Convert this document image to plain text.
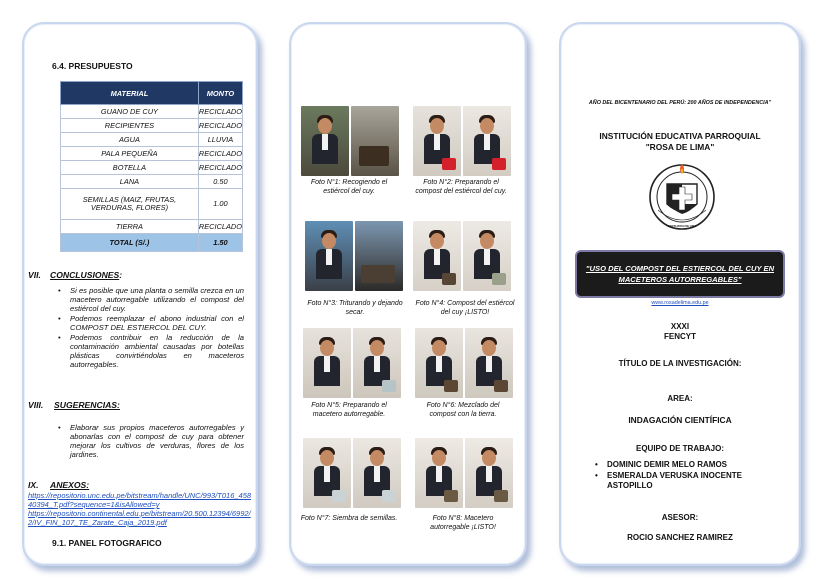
6.4. PRESUPUESTO
MATERIAL	MONTO
GUANO DE CUY	RECICLADO
RECIPIENTES	RECICLADO
AGUA	LLUVIA
PALA PEQUEÑA	RECICLADO
BOTELLA	RECICLADO
LANA	0.50
SEMILLAS (MAIZ, FRUTAS, VERDURAS, FLORES)	1.00
TIERRA	RECICLADO
TOTAL (S/.)	1.50
VII. CONCLUSIONES:
• Si es posible que una planta o semilla crezca en un macetero autorregable utilizando el compost del estiércol del cuy.
• Podemos reemplazar el abono industrial con el COMPOST DEL ESTIERCOL DEL CUY.
• Podemos contribuir en la reducción de la contaminación ambiental causadas por botellas plásticas convirtiéndolas en maceteros autorregables.
VIII. SUGERENCIAS:
• Elaborar sus propios maceteros autorregables y abonarlas con el compost de cuy para obtener mejorar los cultivos de verduras, flores de los jardines.
IX. ANEXOS:
https://repositorio.unc.edu.pe/bitstream/handle/UNC/993/T016_45840394_T.pdf?sequence=1&isAllowed=y
https://repositorio.continental.edu.pe/bitstream/20.500.12394/6992/2/IV_FIN_107_TE_Zarate_Caja_2019.pdf
9.1. PANEL FOTOGRAFICO
Foto N°1: Recogiendo el estiércol del cuy.
Foto N°2: Preparando el compost del estiércol del cuy.
Foto N°3: Triturando y dejando secar.
Foto N°4: Compost del estiércol del cuy ¡LISTO!
Foto N°5: Preparando el macetero autorregable.
Foto N°6: Mezclado del compost con la tierra.
Foto N°7: Siembra de semillas.	Foto N°8: Macetero autorregable ¡LISTO!
AÑO DEL BICENTENARIO DEL PERÚ: 200 AÑOS DE INDEPENDENCIA"
INSTITUCIÓN EDUCATIVA PARROQUIAL
"ROSA DE LIMA"
SANTA ROSA DE LIMA
"USO DEL COMPOST DEL ESTIERCOL DEL CUY EN MACETEROS AUTORREGABLES"
www.rosadelima.edu.pe
XXXI
FENCYT
TÍTULO DE LA INVESTIGACIÓN:
AREA:
INDAGACIÓN CIENTÍFICA
EQUIPO DE TRABAJO:
• DOMINIC DEMIR MELO RAMOS
• ESMERALDA VERUSKA INOCENTE ASTOPILLO
ASESOR:
ROCIO SANCHEZ RAMIREZ
